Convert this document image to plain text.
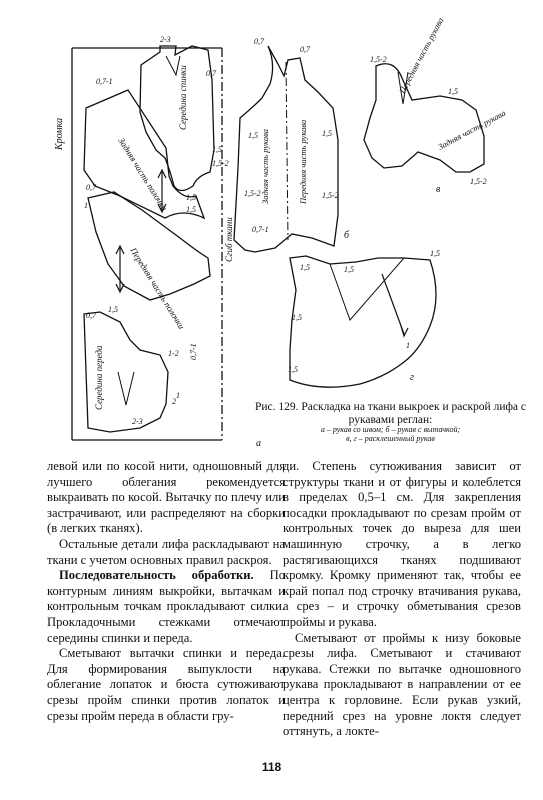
Кромка
Середина спинки
Задняя часть полочки
Передняя часть полочки
Середина переда
Сгиб ткани
Задняя часть рукава	Передняя часть рукава
Передняя часть рукава
Задняя часть рукава
2-3
0,7-1
0,7
1,5
1,5-2
1,5
1,5
0,7
1
1,5
0,7
2
2-3
0,7-1
1-2
1
0,7
0,7
1,5
1,5-2
0,7-1
1,5
1,5-2
1,5-2
1,5
1,5-2
1,5
1,5	1,5
1,5
1
1,5
а
б
в
г
Рис. 129. Раскладка на ткани выкроек и раскрой лифа с рукавами реглан:
а – рукав со швом; б – рукав с вытачкой;
в, г – расклешенный рукав

левой или по косой нити, одношовный для лучшего облегания рекомендуется выкраивать по косой. Вытачку по плечу или застрачивают, или распределяют на сборки (в легких тканях).

Остальные детали лифа раскладывают на ткани с учетом основных правил раскроя.

Последовательность обработки. По контурным линиям выкройки, вытачкам и контрольным точкам прокладывают силки. Прокладочными стежками отмечают середины спинки и переда.

Сметывают вытачки спинки и переда. Для формирования выпуклости на облегание лопаток и бюста сутюживают срезы пройм спинки против лопаток и срезы пройм переда в области гру-

ди. Степень сутюживания зависит от структуры ткани и от фигуры и колеблется в пределах 0,5–1 см. Для закрепления посадки прокладывают по срезам пройм от контрольных точек до выреза для шеи машинную строчку, а в легко растягивающихся тканях подшивают кромку. Кромку применяют так, чтобы ее край попал под строчку втачивания рукава, а срез – и строчку обметывания срезов проймы и рукава.

Сметывают от проймы к низу боковые срезы лифа. Сметывают и стачивают рукава. Стежки по вытачке одношовного рукава прокладывают в направлении от ее центра к горловине. Если рукав узкий, передний срез на уровне локтя следует оттянуть, а локте-

118
